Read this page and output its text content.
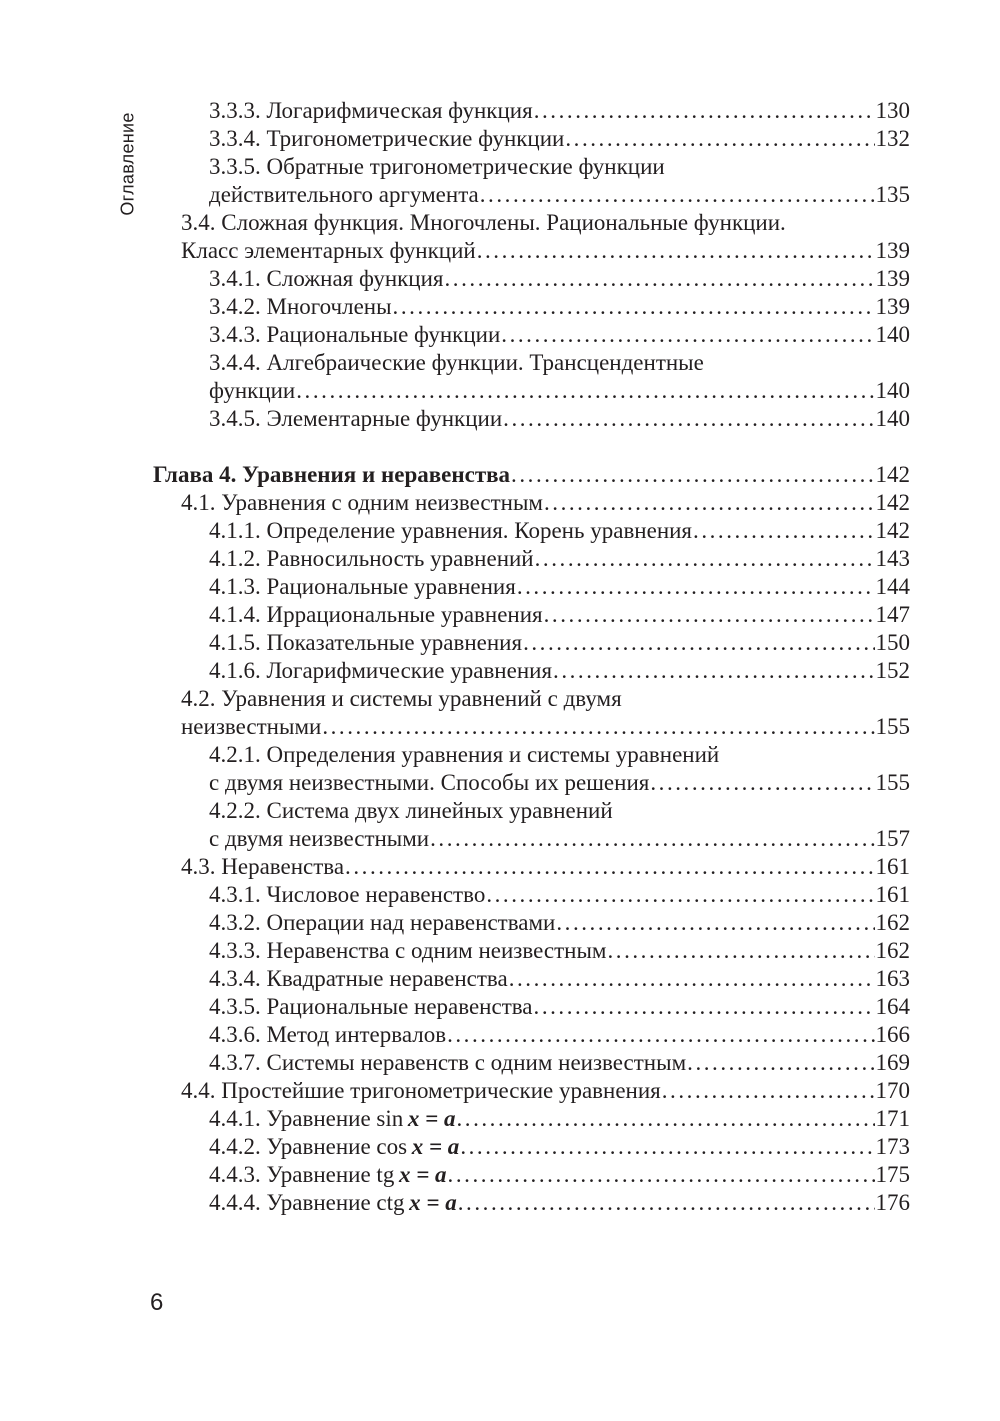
Оглавление
3.3.3. Логарифмическая функция . . .	130
3.3.4. Тригонометрические функции . . .	132
3.3.5. Обратные тригонометрические функции
действительного аргумента . . .	135
3.4. Сложная функция. Многочлены. Рациональные функции.
Класс элементарных функций . . .	139
3.4.1. Сложная функция . . .	139
3.4.2. Многочлены . . .	139
3.4.3. Рациональные функции . . .	140
3.4.4. Алгебраические функции. Трансцендентные
функции . . .	140
3.4.5. Элементарные функции . . .	140
Глава 4. Уравнения и неравенства . . .	142
4.1. Уравнения с одним неизвестным . . .	142
4.1.1. Определение уравнения. Корень уравнения . . .	142
4.1.2. Равносильность уравнений . . .	143
4.1.3. Рациональные уравнения . . .	144
4.1.4. Иррациональные уравнения . . .	147
4.1.5. Показательные уравнения . . .	150
4.1.6. Логарифмические уравнения . . .	152
4.2. Уравнения и системы уравнений с двумя
неизвестными . . .	155
4.2.1. Определения уравнения и системы уравнений
с двумя неизвестными. Способы их решения . . .	155
4.2.2. Система двух линейных уравнений
с двумя неизвестными . . .	157
4.3. Неравенства . . .	161
4.3.1. Числовое неравенство . . .	161
4.3.2. Операции над неравенствами . . .	162
4.3.3. Неравенства с одним неизвестным . . .	162
4.3.4. Квадратные неравенства . . .	163
4.3.5. Рациональные неравенства . . .	164
4.3.6. Метод интервалов . . .	166
4.3.7. Системы неравенств с одним неизвестным . . .	169
4.4. Простейшие тригонометрические уравнения . . .	170
4.4.1. Уравнение sin  x = a . . .	171
4.4.2. Уравнение cos  x = a . . .	173
4.4.3. Уравнение tg  x = a . . .	175
4.4.4. Уравнение ctg  x = a . . .	176
6
